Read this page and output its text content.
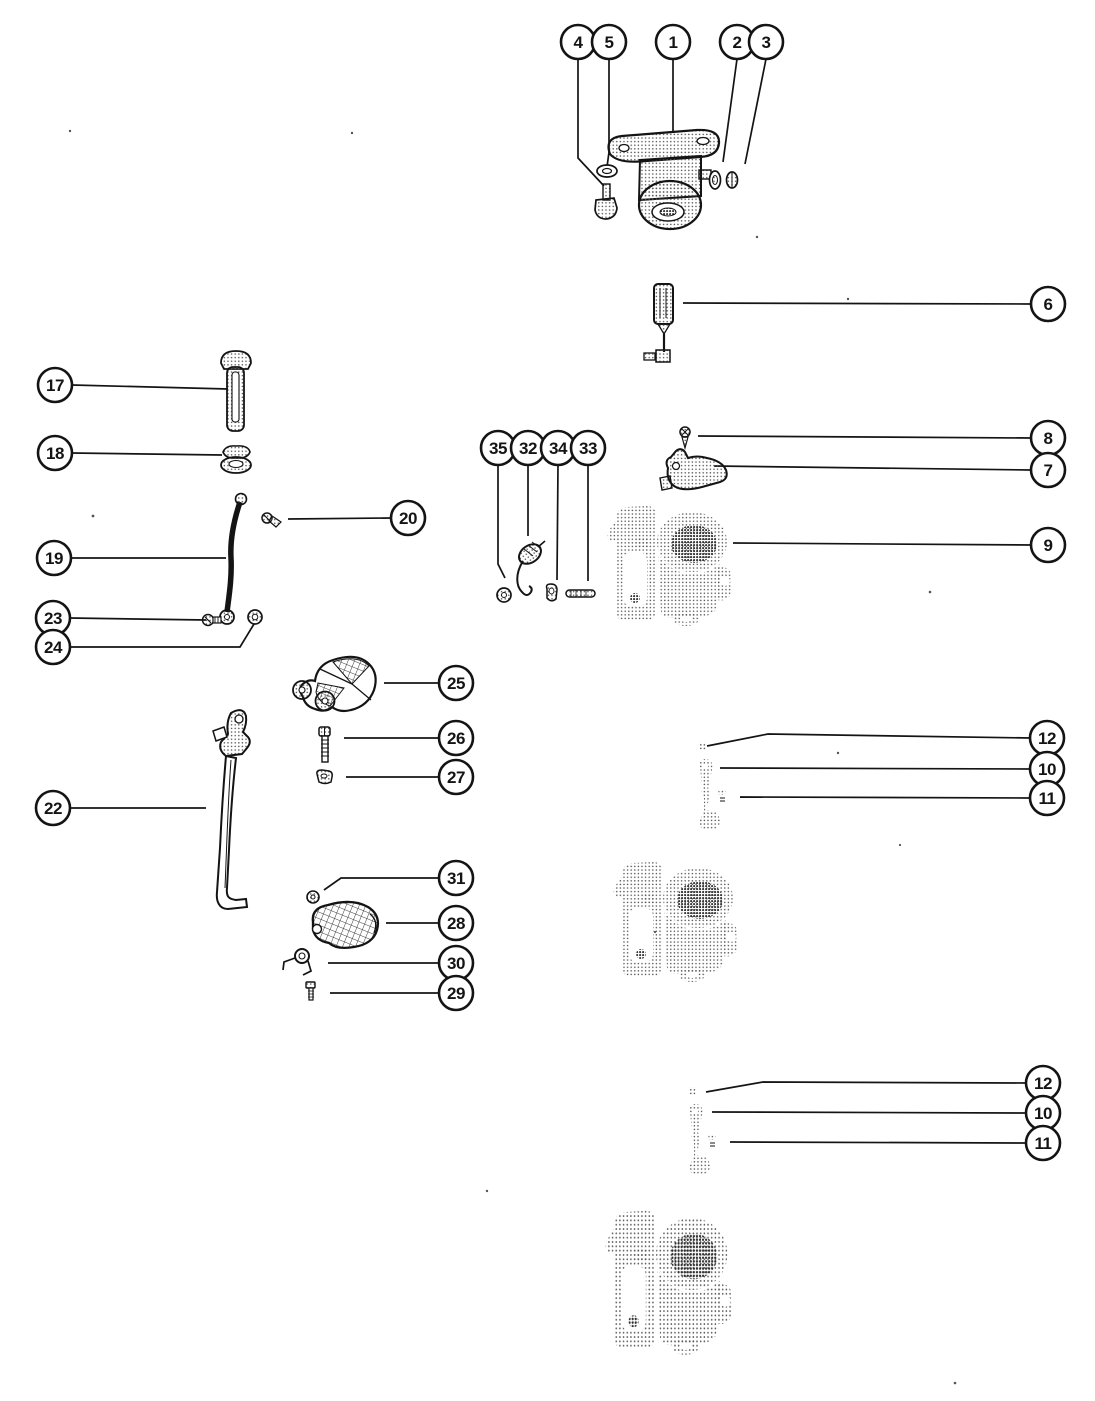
4 5	1	2 3
6
17
18	35 32 34 33
8
7
20
9
19
23
24
25
26	12
10
27
11
22
31
28
30
29
12
10
11
